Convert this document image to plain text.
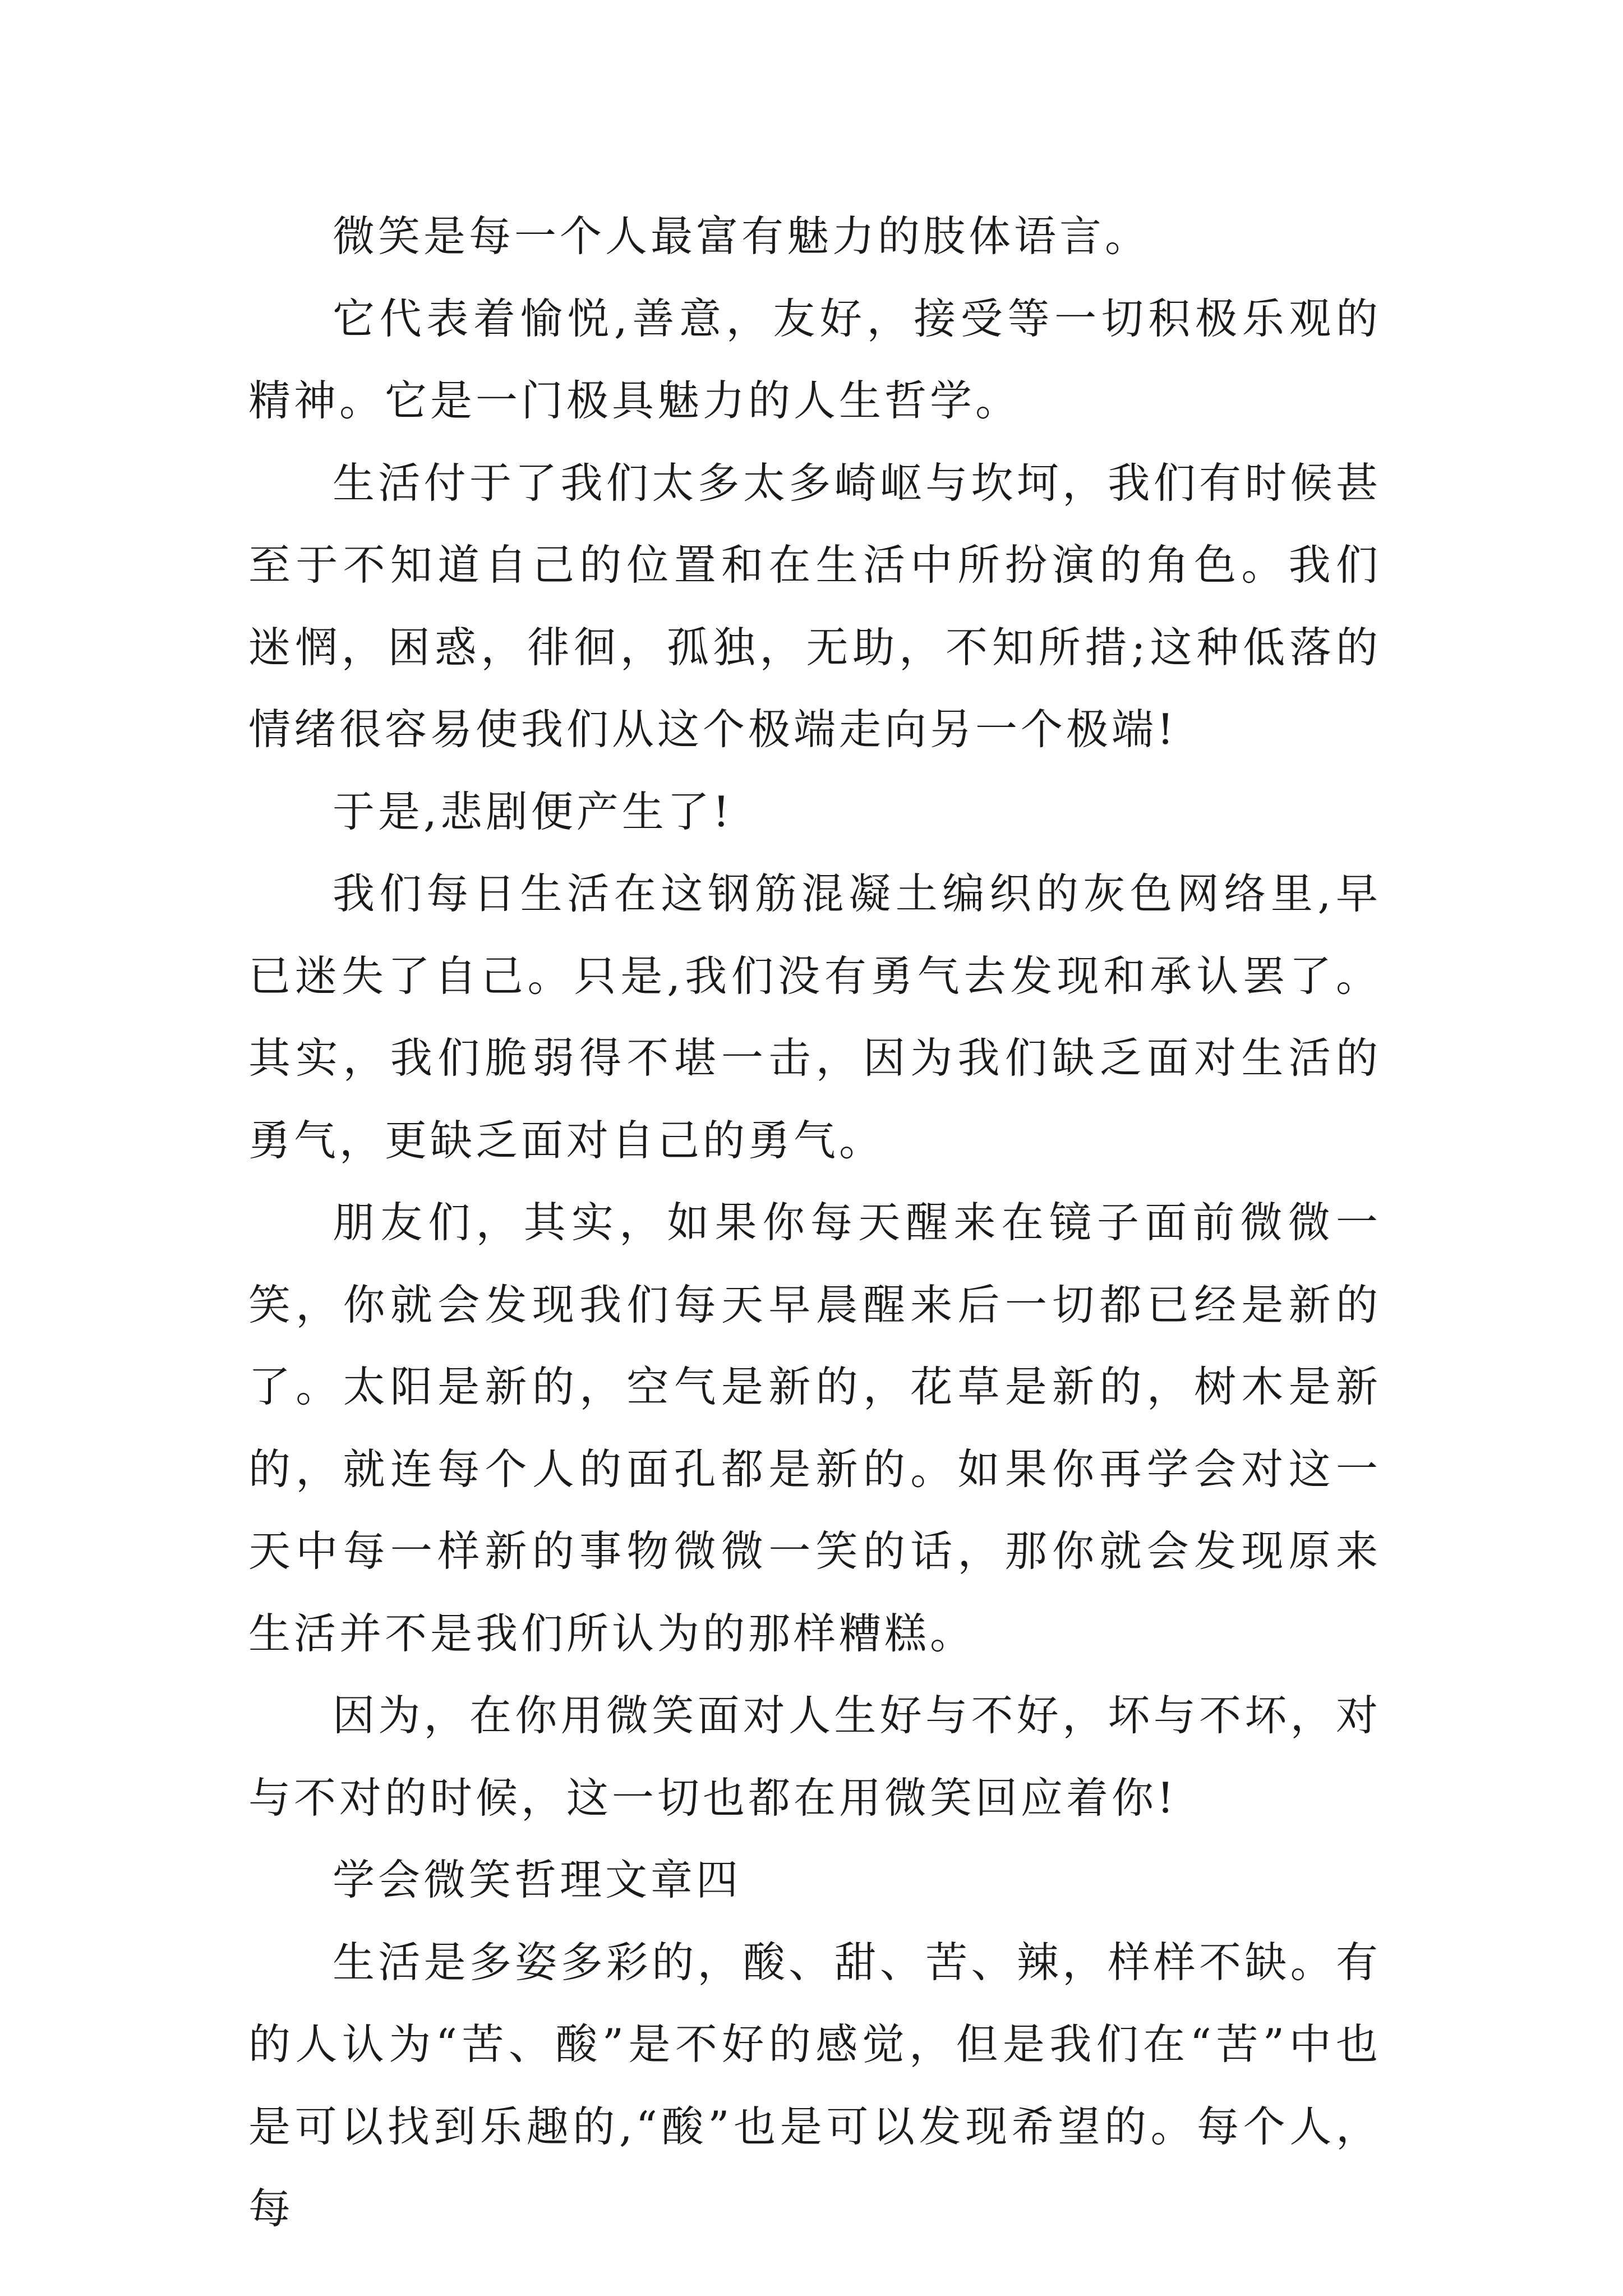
微笑是每一个人最富有魅力的肢体语言。

它代表着愉悦,善意，友好，接受等一切积极乐观的精神。它是一门极具魅力的人生哲学。

生活付于了我们太多太多崎岖与坎坷，我们有时候甚至于不知道自己的位置和在生活中所扮演的角色。我们迷惘，困惑，徘徊，孤独，无助，不知所措;这种低落的情绪很容易使我们从这个极端走向另一个极端!

于是,悲剧便产生了!

我们每日生活在这钢筋混凝土编织的灰色网络里,早已迷失了自己。只是,我们没有勇气去发现和承认罢了。其实，我们脆弱得不堪一击，因为我们缺乏面对生活的勇气，更缺乏面对自己的勇气。

朋友们，其实，如果你每天醒来在镜子面前微微一笑，你就会发现我们每天早晨醒来后一切都已经是新的了。太阳是新的，空气是新的，花草是新的，树木是新的，就连每个人的面孔都是新的。如果你再学会对这一天中每一样新的事物微微一笑的话，那你就会发现原来生活并不是我们所认为的那样糟糕。

因为，在你用微笑面对人生好与不好，坏与不坏，对与不对的时候，这一切也都在用微笑回应着你!

学会微笑哲理文章四

生活是多姿多彩的，酸、甜、苦、辣，样样不缺。有的人认为“苦、酸”是不好的感觉，但是我们在“苦”中也是可以找到乐趣的,“酸”也是可以发现希望的。每个人，每
